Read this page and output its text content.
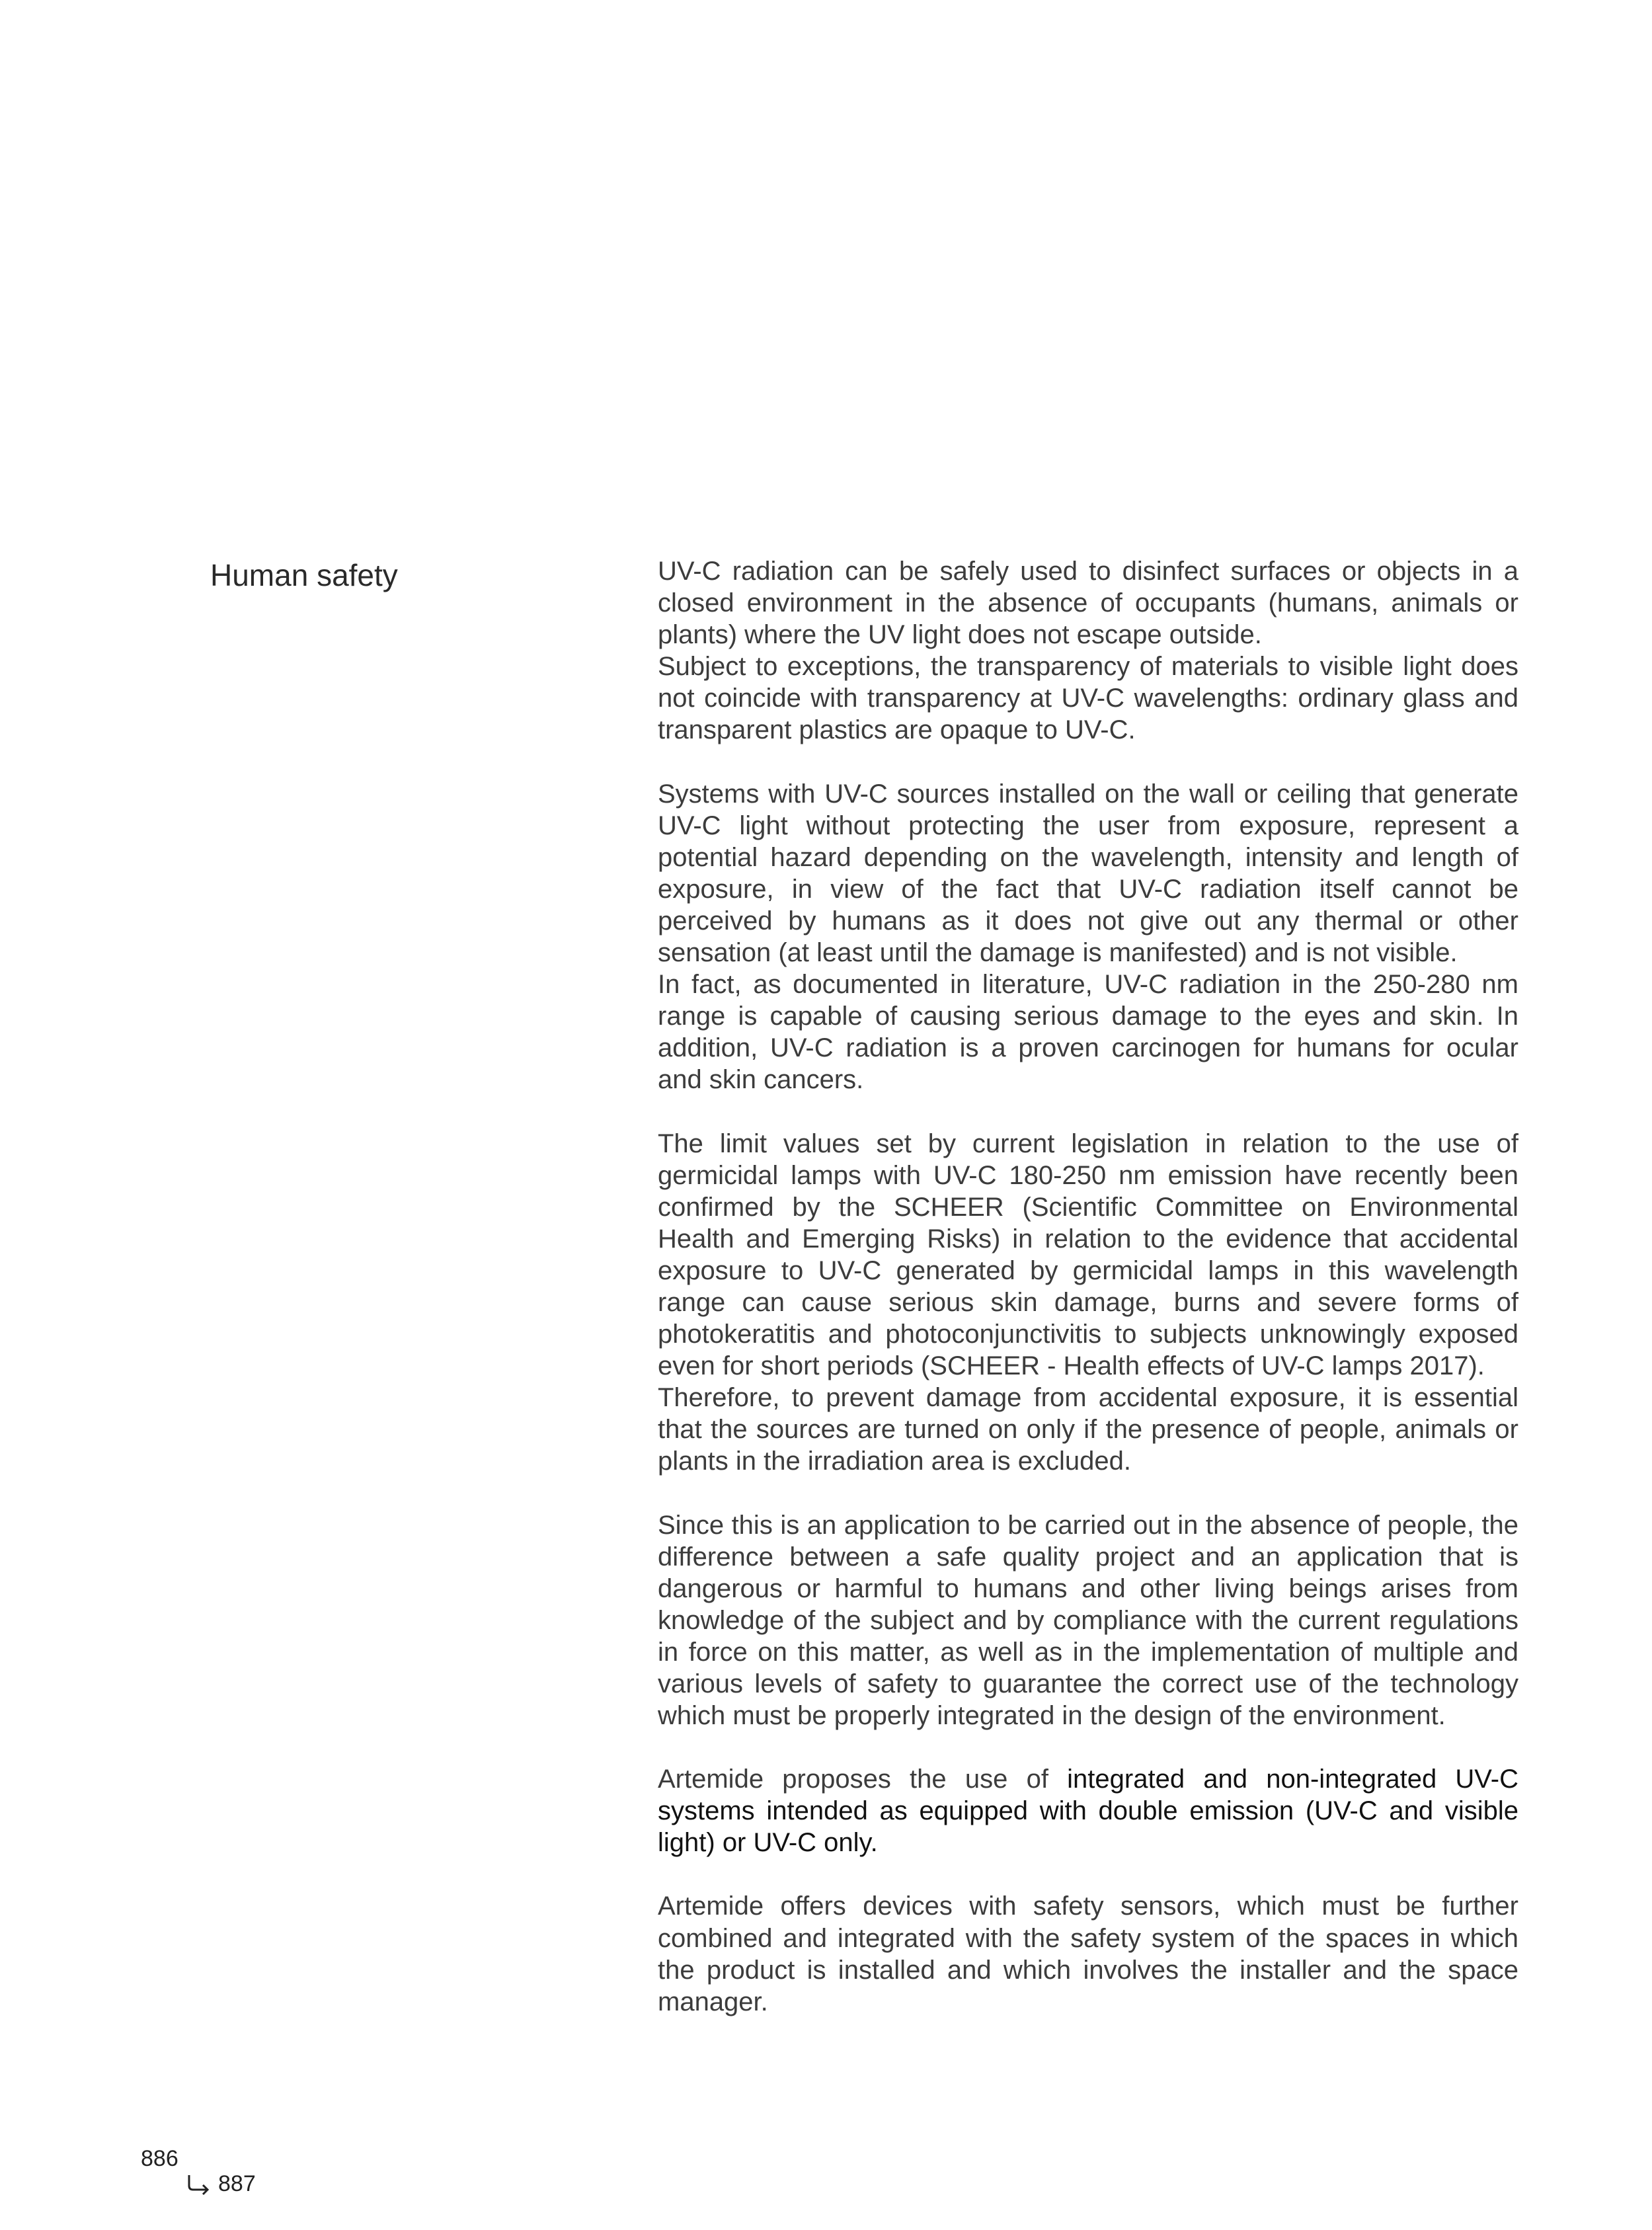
Human safety	UV-C radiation can be safely used to disinfect surfaces or objects in a closed environment in the absence of occupants (humans, animals or plants) where the UV light does not escape outside.
Subject to exceptions, the transparency of materials to visible light does not coincide with transparency at UV-C wavelengths: ordinary glass and transparent plastics are opaque to UV-C.

Systems with UV-C sources installed on the wall or ceiling that generate UV-C light without protecting the user from exposure, represent a potential hazard depending on the wavelength, intensity and length of exposure, in view of the fact that UV-C radiation itself cannot be perceived by humans as it does not give out any thermal or other sensation (at least until the damage is manifested) and is not visible.
In fact, as documented in literature, UV-C radiation in the 250-280 nm range is capable of causing serious damage to the eyes and skin. In addition, UV-C radiation is a proven carcinogen for humans for ocular and skin cancers.

The limit values set by current legislation in relation to the use of germicidal lamps with UV-C 180-250 nm emission have recently been confirmed by the SCHEER (Scientific Committee on Environmental Health and Emerging Risks) in relation to the evidence that accidental exposure to UV-C generated by germicidal lamps in this wavelength range can cause serious skin damage, burns and severe forms of photokeratitis and photoconjunctivitis to subjects unknowingly exposed even for short periods (SCHEER - Health effects of UV-C lamps 2017).
Therefore, to prevent damage from accidental exposure, it is essential that the sources are turned on only if the presence of people, animals or plants in the irradiation area is excluded.

Since this is an application to be carried out in the absence of people, the difference between a safe quality project and an application that is dangerous or harmful to humans and other living beings arises from knowledge of the subject and by compliance with the current regulations in force on this matter, as well as in the implementation of multiple and various levels of safety to guarantee the correct use of the technology which must be properly integrated in the design of the environment.

Artemide proposes the use of integrated and non-integrated UV-C systems intended as equipped with double emission (UV-C and visible light) or UV-C only.

Artemide offers devices with safety sensors, which must be further combined and integrated with the safety system of the spaces in which the product is installed and which involves the installer and the space manager.

886
887
